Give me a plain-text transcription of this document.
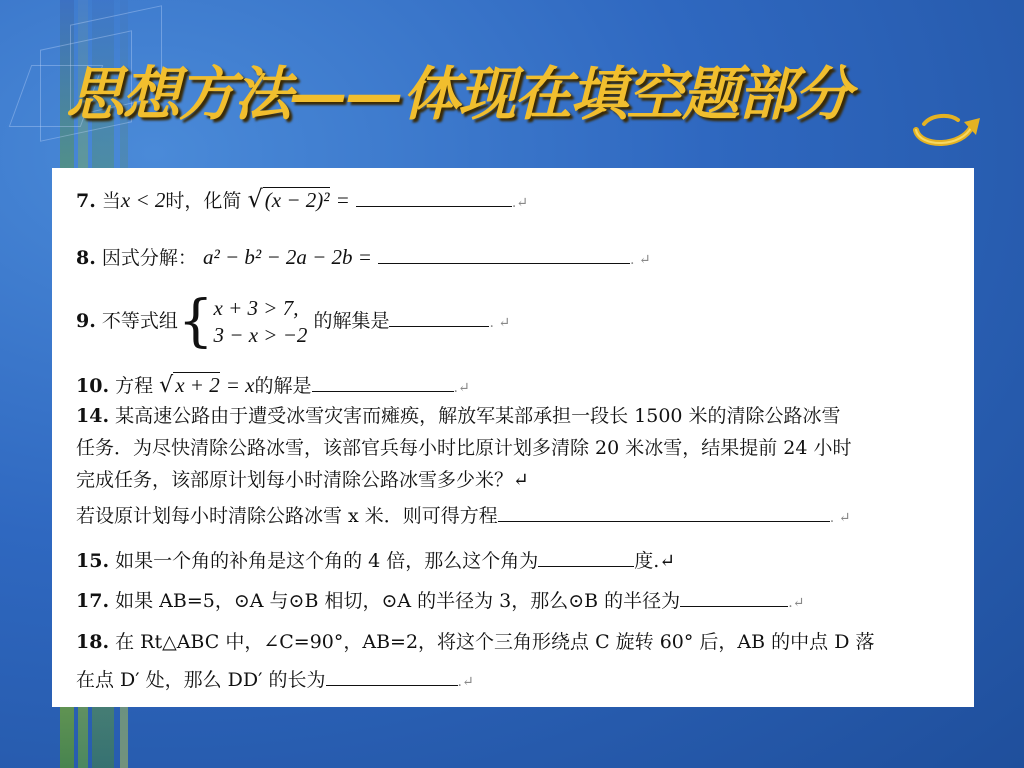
思想方法——体现在填空题部分
7. 当x < 2时，化简 √(x − 2)² =	.↵
8. 因式分解： a² − b² − 2a − 2b =	. ↵
9. 不等式组{x + 3 > 7,
3 − x > −2 的解集是	. ↵
10. 方程 √x + 2 = x的解是	.↵
14. 某高速公路由于遭受冰雪灾害而瘫痪，解放军某部承担一段长 1500 米的清除公路冰雪
任务．为尽快清除公路冰雪，该部官兵每小时比原计划多清除 20 米冰雪，结果提前 24 小时
完成任务，该部原计划每小时清除公路冰雪多少米？↵
若设原计划每小时清除公路冰雪 x 米．则可得方程	. ↵
15. 如果一个角的补角是这个角的 4 倍，那么这个角为	度.↵
17. 如果 AB=5，⊙A 与⊙B 相切，⊙A 的半径为 3，那么⊙B 的半径为	.↵
18. 在 Rt△ABC 中，∠C=90°，AB=2，将这个三角形绕点 C 旋转 60° 后，AB 的中点 D 落
在点 D′ 处，那么 DD′ 的长为	.↵
